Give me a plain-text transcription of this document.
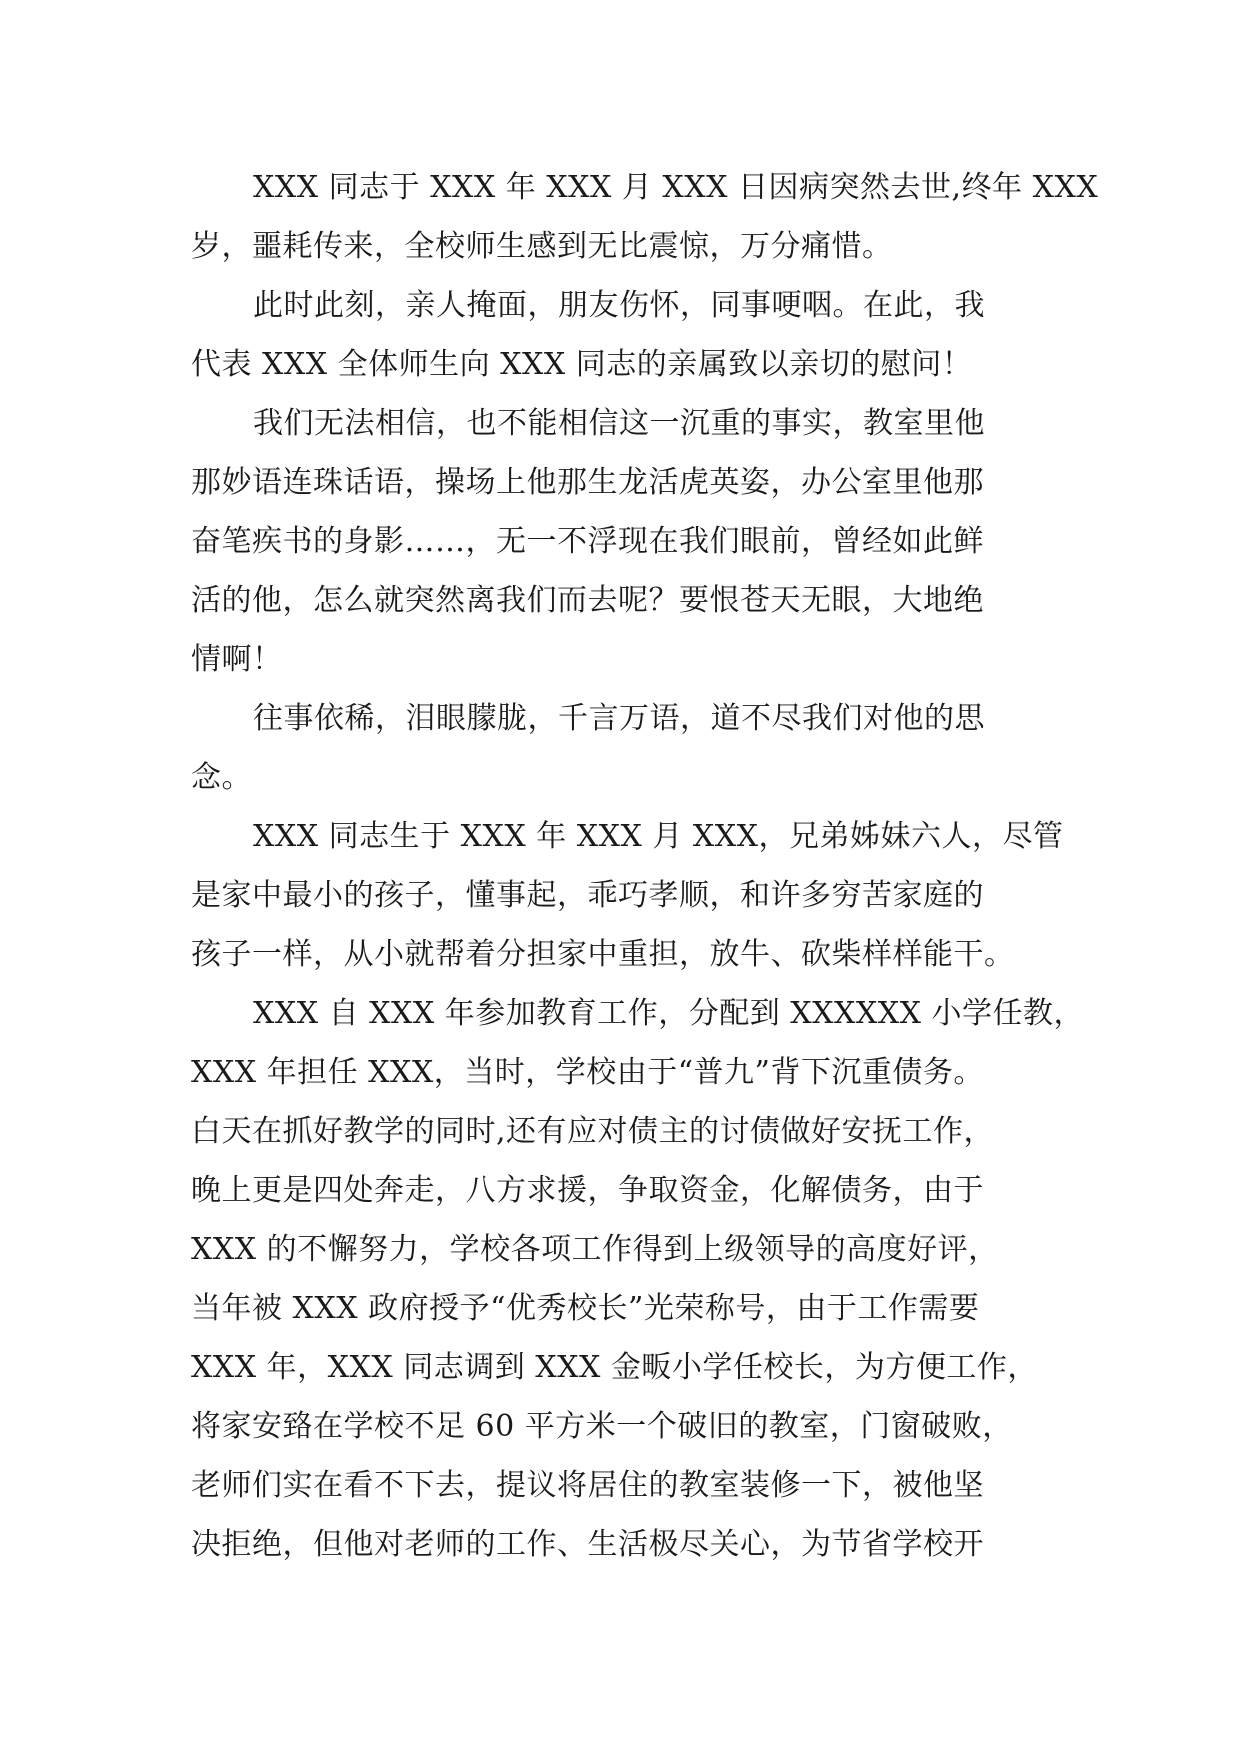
XXX 同志于 XXX 年 XXX 月 XXX 日因病突然去世,终年 XXX
岁，噩耗传来，全校师生感到无比震惊，万分痛惜。
此时此刻，亲人掩面，朋友伤怀，同事哽咽。在此，我
代表 XXX 全体师生向 XXX 同志的亲属致以亲切的慰问！
我们无法相信，也不能相信这一沉重的事实，教室里他
那妙语连珠话语，操场上他那生龙活虎英姿，办公室里他那
奋笔疾书的身影……，无一不浮现在我们眼前，曾经如此鲜
活的他，怎么就突然离我们而去呢？要恨苍天无眼，大地绝
情啊！
往事依稀，泪眼朦胧，千言万语，道不尽我们对他的思
念。
XXX 同志生于 XXX 年 XXX 月 XXX，兄弟姊妹六人，尽管
是家中最小的孩子，懂事起，乖巧孝顺，和许多穷苦家庭的
孩子一样，从小就帮着分担家中重担，放牛、砍柴样样能干。
XXX 自 XXX 年参加教育工作，分配到 XXXXXX 小学任教，
XXX 年担任 XXX，当时，学校由于“普九”背下沉重债务。
白天在抓好教学的同时,还有应对债主的讨债做好安抚工作，
晚上更是四处奔走，八方求援，争取资金，化解债务，由于
XXX 的不懈努力，学校各项工作得到上级领导的高度好评，
当年被 XXX 政府授予“优秀校长”光荣称号，由于工作需要
XXX 年，XXX 同志调到 XXX 金畈小学任校长，为方便工作，
将家安臵在学校不足 60 平方米一个破旧的教室，门窗破败，
老师们实在看不下去，提议将居住的教室装修一下，被他坚
决拒绝，但他对老师的工作、生活极尽关心，为节省学校开
